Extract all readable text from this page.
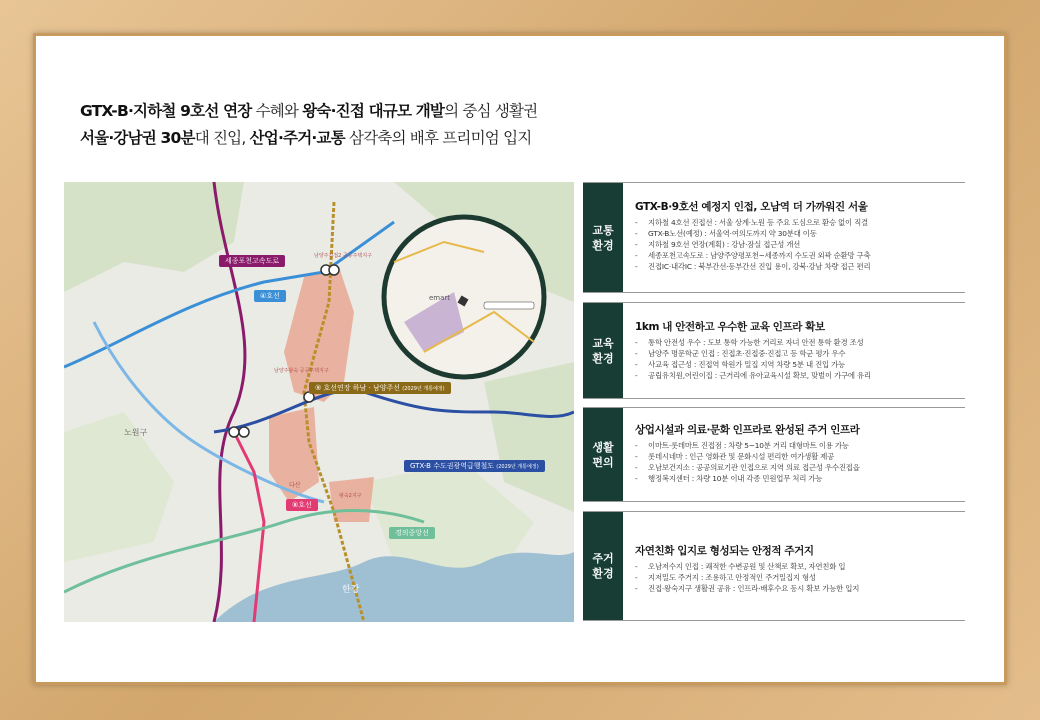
GTX-B·지하철 9호선 연장 수혜와 왕숙·진접 대규모 개발의 중심 생활권

서울·강남권 30분대 진입, 산업·주거·교통 삼각축의 배후 프리미엄 입지

세종포천고속도로
④호선
⑨ 호선연장 하남 · 남양주선 (2029년 개통예정)
GTX-B 수도권광역급행철도 (2029년 개통예정)
⑧호선
경의중앙선
한강
노원구
남양주진접2 공공주택지구
남양주왕숙 공공주택지구
왕숙2지구
다산
emart
교통 환경
GTX-B·9호선 예정지 인접, 오남역 더 가까워진 서울
- 지하철 4호선 진접선 : 서울 상계·노원 등 주요 도심으로 환승 없이 직결
- GTX-B노선(예정) : 서울역·여의도까지 약 30분대 이동
- 지하철 9호선 연장(계획) : 강남·잠실 접근성 개선
- 세종포천고속도로 : 남양주양평포천~세종까지 수도권 외곽 순환망 구축
- 진접IC·내각IC : 북부간선·동부간선 진입 용이, 강북·강남 차량 접근 편리
교육 환경
1km 내 안전하고 우수한 교육 인프라 확보
- 통학 안전성 우수 : 도보 통학 가능한 거리로 자녀 안전 통학 환경 조성
- 남양주 명문학군 인접 : 진접초·진접중·진접고 등 학군 평가 우수
- 사교육 접근성 : 진접역 학원가 밀집 지역 차량 5분 내 진입 가능
- 공립유치원,어린이집 : 근거리에 유아교육시설 확보, 맞벌이 가구에 유리
생활 편의
상업시설과 의료·문화 인프라로 완성된 주거 인프라
- 이마트·롯데마트 진접점 : 차량 5~10분 거리 대형마트 이용 가능
- 롯데시네마 : 인근 영화관 및 문화시설 편리한 여가생활 제공
- 오남보건지소 : 공공의료기관 인접으로 지역 의료 접근성 우수진접읍
- 행정복지센터 : 차량 10분 이내 각종 민원업무 처리 가능
주거 환경
자연친화 입지로 형성되는 안정적 주거지
- 오남저수지 인접 : 쾌적한 수변공원 및 산책로 확보, 자연친화 입
- 지저밀도 주거지 : 조용하고 안정적인 주거밀집지 형성
- 진접·왕숙지구 생활권 공유 : 인프라·배후수요 동시 확보 가능한 입지
